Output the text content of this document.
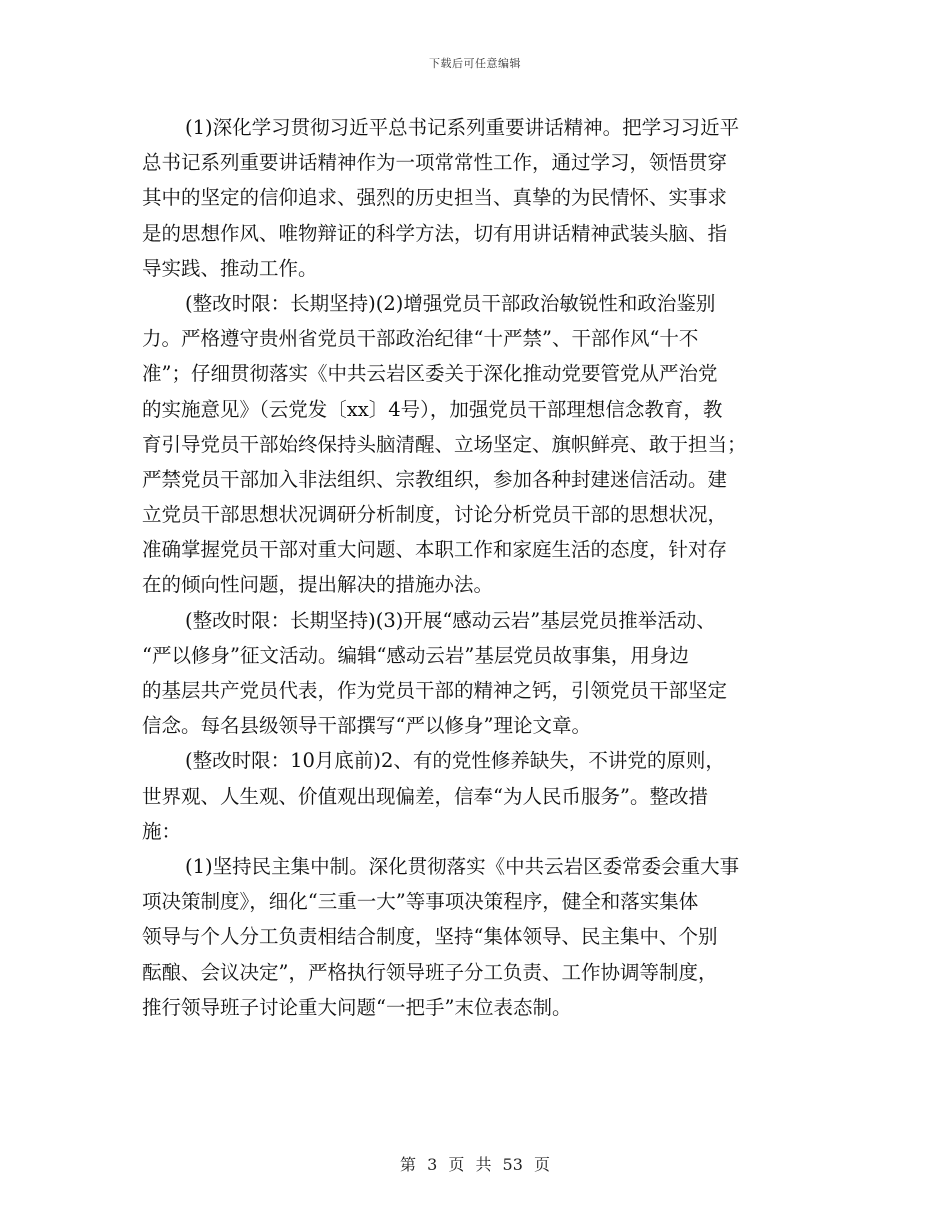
下载后可任意编辑
(1)深化学习贯彻习近平总书记系列重要讲话精神。把学习习近平
总书记系列重要讲话精神作为一项常常性工作，通过学习，领悟贯穿
其中的坚定的信仰追求、强烈的历史担当、真挚的为民情怀、实事求
是的思想作风、唯物辩证的科学方法，切有用讲话精神武装头脑、指
导实践、推动工作。
(整改时限：长期坚持)(2)增强党员干部政治敏锐性和政治鉴别
力。严格遵守贵州省党员干部政治纪律“十严禁”、干部作风“十不
准”；仔细贯彻落实《中共云岩区委关于深化推动党要管党从严治党
的实施意见》（云党发〔xx〕4号），加强党员干部理想信念教育，教
育引导党员干部始终保持头脑清醒、立场坚定、旗帜鲜亮、敢于担当；
严禁党员干部加入非法组织、宗教组织，参加各种封建迷信活动。建
立党员干部思想状况调研分析制度，讨论分析党员干部的思想状况，
准确掌握党员干部对重大问题、本职工作和家庭生活的态度，针对存
在的倾向性问题，提出解决的措施办法。
(整改时限：长期坚持)(3)开展“感动云岩”基层党员推举活动、
“严以修身”征文活动。编辑“感动云岩”基层党员故事集，用身边
的基层共产党员代表，作为党员干部的精神之钙，引领党员干部坚定
信念。每名县级领导干部撰写“严以修身”理论文章。
(整改时限：10月底前)2、有的党性修养缺失，不讲党的原则，
世界观、人生观、价值观出现偏差，信奉“为人民币服务”。整改措
施：
(1)坚持民主集中制。深化贯彻落实《中共云岩区委常委会重大事
项决策制度》，细化“三重一大”等事项决策程序，健全和落实集体
领导与个人分工负责相结合制度，坚持“集体领导、民主集中、个别
酝酿、会议决定”，严格执行领导班子分工负责、工作协调等制度，
推行领导班子讨论重大问题“一把手”末位表态制。
第 3 页 共 53 页
